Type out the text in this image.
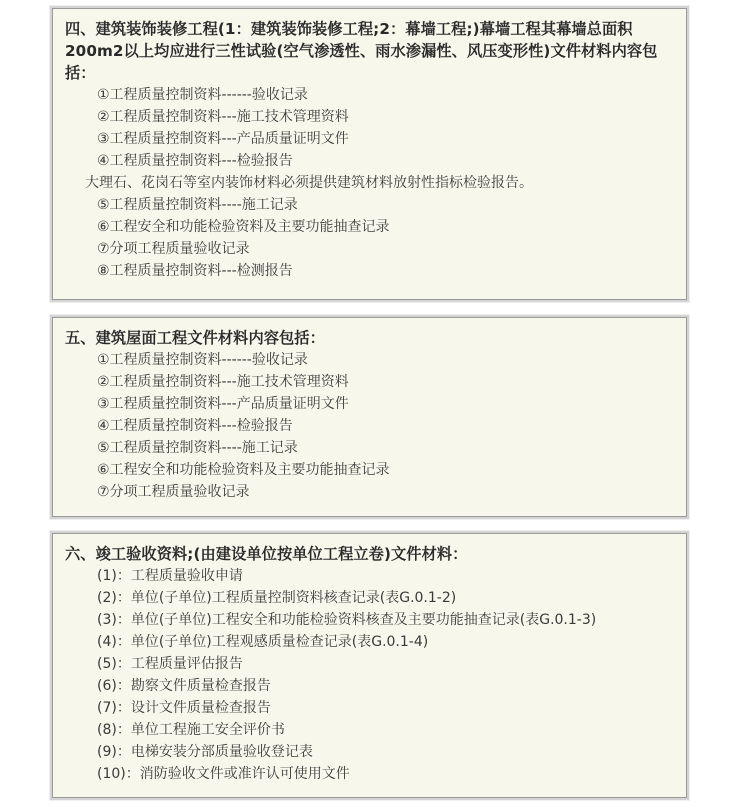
四、建筑装饰装修工程(1：建筑装饰装修工程;2：幕墙工程;)幕墙工程其幕墙总面积200m2以上均应进行三性试验(空气渗透性、雨水渗漏性、风压变形性)文件材料内容包括：

①工程质量控制资料------验收记录
②工程质量控制资料---施工技术管理资料
③工程质量控制资料---产品质量证明文件
④工程质量控制资料---检验报告
大理石、花岗石等室内装饰材料必须提供建筑材料放射性指标检验报告。
⑤工程质量控制资料----施工记录
⑥工程安全和功能检验资料及主要功能抽查记录
⑦分项工程质量验收记录
⑧工程质量控制资料---检测报告

五、建筑屋面工程文件材料内容包括：

①工程质量控制资料------验收记录
②工程质量控制资料---施工技术管理资料
③工程质量控制资料---产品质量证明文件
④工程质量控制资料---检验报告
⑤工程质量控制资料----施工记录
⑥工程安全和功能检验资料及主要功能抽查记录
⑦分项工程质量验收记录

六、竣工验收资料;(由建设单位按单位工程立卷)文件材料：

(1)：工程质量验收申请
(2)：单位(子单位)工程质量控制资料核查记录(表G.0.1-2)
(3)：单位(子单位)工程安全和功能检验资料核查及主要功能抽查记录(表G.0.1-3)
(4)：单位(子单位)工程观感质量检查记录(表G.0.1-4)
(5)：工程质量评估报告
(6)：勘察文件质量检查报告
(7)：设计文件质量检查报告
(8)：单位工程施工安全评价书
(9)：电梯安装分部质量验收登记表
(10)：消防验收文件或准许认可使用文件
